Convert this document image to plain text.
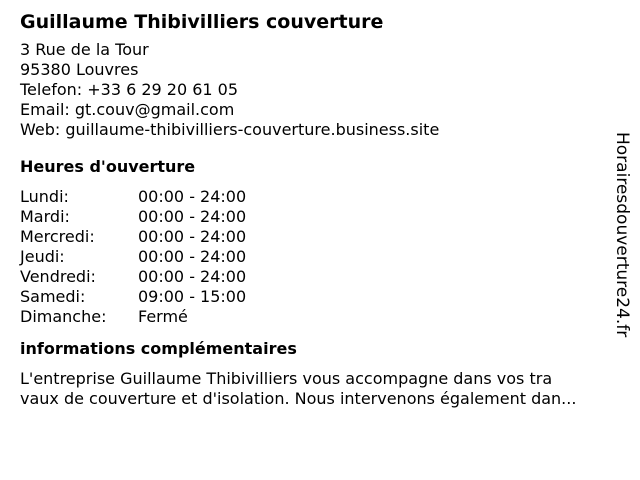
Guillaume Thibivilliers couverture
3 Rue de la Tour
95380 Louvres
Telefon: +33 6 29 20 61 05
Email: gt.couv@gmail.com
Web: guillaume-thibivilliers-couverture.business.site
Heures d'ouverture
Lundi:	00:00 - 24:00
Mardi:	00:00 - 24:00
Mercredi:	00:00 - 24:00
Jeudi:	00:00 - 24:00
Vendredi:	00:00 - 24:00
Samedi:	09:00 - 15:00
Dimanche:	Fermé
informations complémentaires
L'entreprise Guillaume Thibivilliers vous accompagne dans vos tra
vaux de couverture et d'isolation. Nous intervenons également dan...
Horairesdouverture24.fr
